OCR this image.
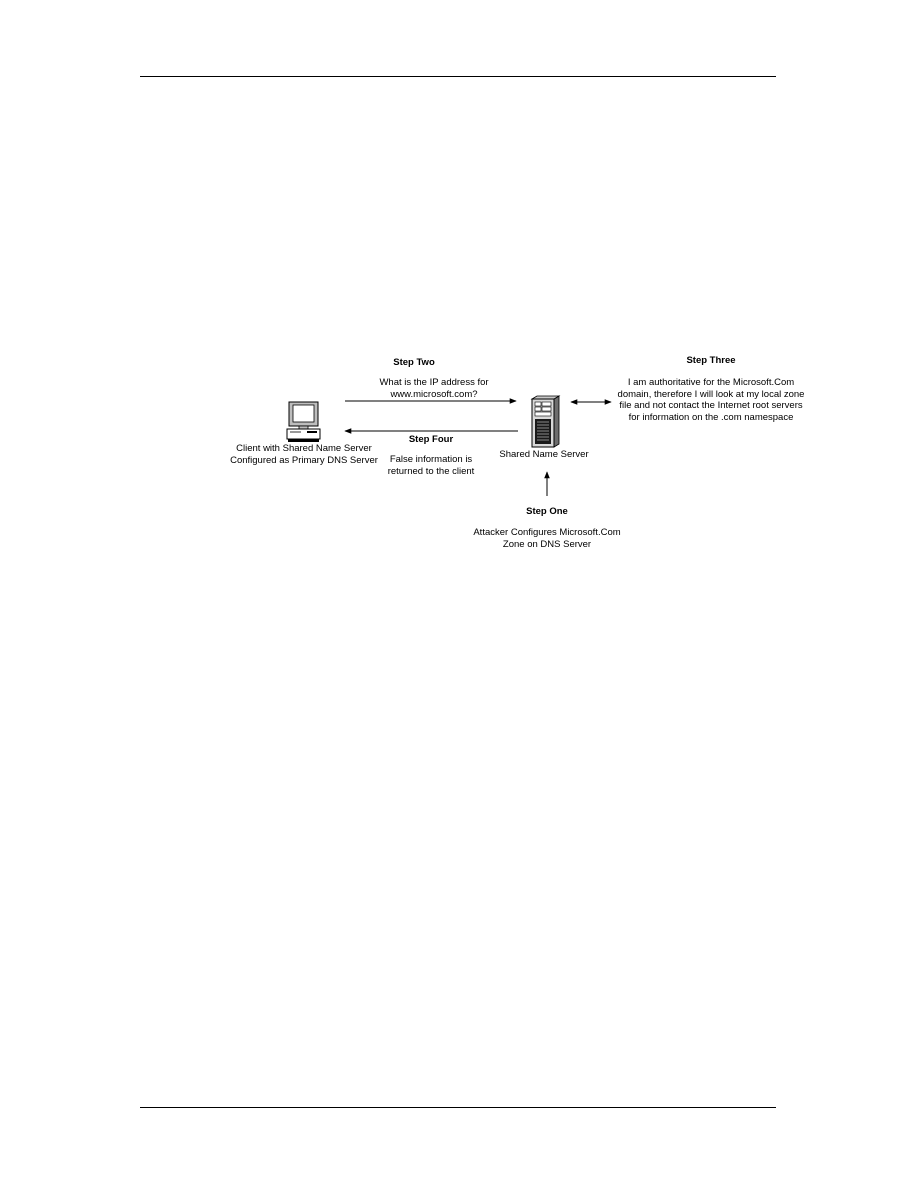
Step Two
What is the IP address for
www.microsoft.com?
Step Three
I am authoritative for the Microsoft.Com
domain, therefore I will look at my local zone
file and not contact the Internet root servers
for information on the .com namespace
Step Four
False information is
returned to the client
Step One
Attacker Configures Microsoft.Com
Zone on DNS Server
Client with Shared Name Server
Configured as Primary DNS Server	Shared Name Server
